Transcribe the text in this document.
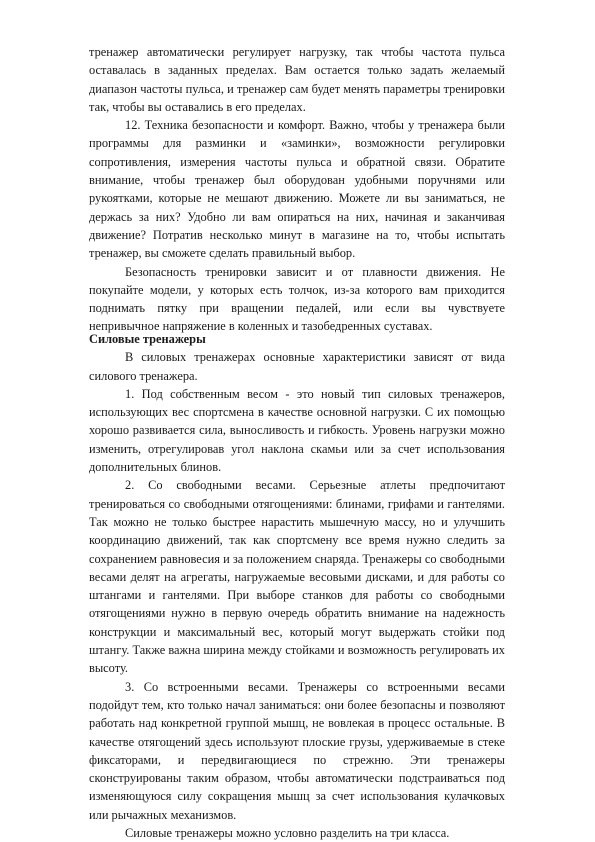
тренажер автоматически регулирует нагрузку, так чтобы частота пульса оставалась в заданных пределах. Вам остается только задать желаемый диапазон частоты пульса, и тренажер сам будет менять параметры тренировки так, чтобы вы оставались в его пределах.

12. Техника безопасности и комфорт. Важно, чтобы у тренажера были программы для разминки и «заминки», возможности регулировки сопротивления, измерения частоты пульса и обратной связи. Обратите внимание, чтобы тренажер был оборудован удобными поручнями или рукоятками, которые не мешают движению. Можете ли вы заниматься, не держась за них? Удобно ли вам опираться на них, начиная и заканчивая движение? Потратив несколько минут в магазине на то, чтобы испытать тренажер, вы сможете сделать правильный выбор.

Безопасность тренировки зависит и от плавности движения. Не покупайте модели, у которых есть толчок, из-за которого вам приходится поднимать пятку при вращении педалей, или если вы чувствуете непривычное напряжение в коленных и тазобедренных суставах.

Силовые тренажеры

В силовых тренажерах основные характеристики зависят от вида силового тренажера.

1. Под собственным весом - это новый тип силовых тренажеров, использующих вес спортсмена в качестве основной нагрузки. С их помощью хорошо развивается сила, выносливость и гибкость. Уровень нагрузки можно изменить, отрегулировав угол наклона скамьи или за счет использования дополнительных блинов.

2. Со свободными весами. Серьезные атлеты предпочитают тренироваться со свободными отягощениями: блинами, грифами и гантелями. Так можно не только быстрее нарастить мышечную массу, но и улучшить координацию движений, так как спортсмену все время нужно следить за сохранением равновесия и за положением снаряда. Тренажеры со свободными весами делят на агрегаты, нагружаемые весовыми дисками, и для работы со штангами и гантелями. При выборе станков для работы со свободными отягощениями нужно в первую очередь обратить внимание на надежность конструкции и максимальный вес, который могут выдержать стойки под штангу. Также важна ширина между стойками и возможность регулировать их высоту.

3. Со встроенными весами. Тренажеры со встроенными весами подойдут тем, кто только начал заниматься: они более безопасны и позволяют работать над конкретной группой мышц, не вовлекая в процесс остальные. В качестве отягощений здесь используют плоские грузы, удерживаемые в стеке фиксаторами, и передвигающиеся по стрежню. Эти тренажеры сконструированы таким образом, чтобы автоматически подстраиваться под изменяющуюся силу сокращения мышц за счет использования кулачковых или рычажных механизмов.

Силовые тренажеры можно условно разделить на три класса.
